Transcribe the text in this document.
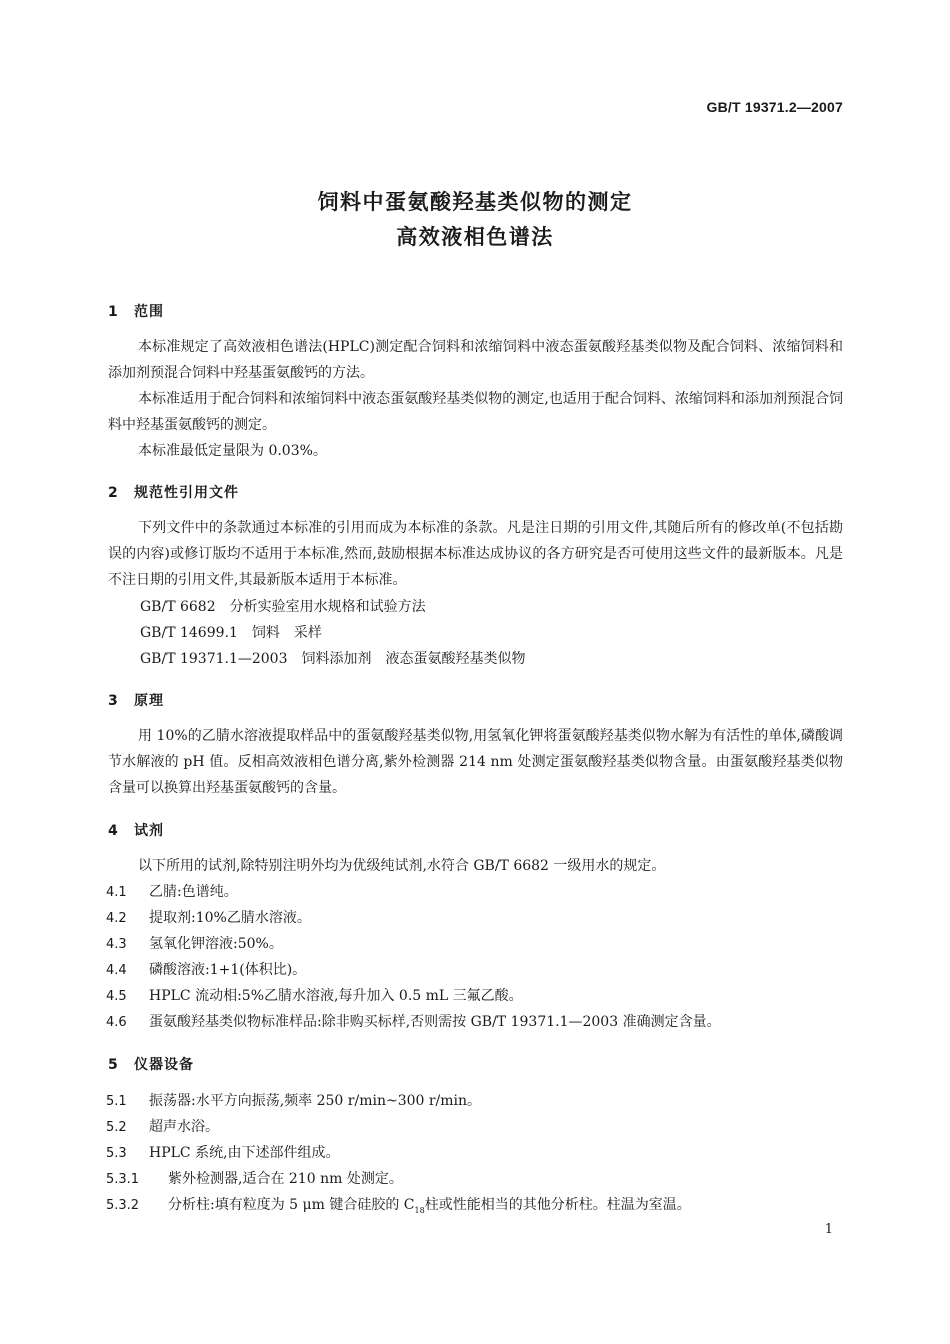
GB/T 19371.2—2007
饲料中蛋氨酸羟基类似物的测定
高效液相色谱法
1 范围
本标准规定了高效液相色谱法(HPLC)测定配合饲料和浓缩饲料中液态蛋氨酸羟基类似物及配合饲料、浓缩饲料和添加剂预混合饲料中羟基蛋氨酸钙的方法。
本标准适用于配合饲料和浓缩饲料中液态蛋氨酸羟基类似物的测定,也适用于配合饲料、浓缩饲料和添加剂预混合饲料中羟基蛋氨酸钙的测定。
本标准最低定量限为 0.03%。
2 规范性引用文件
下列文件中的条款通过本标准的引用而成为本标准的条款。凡是注日期的引用文件,其随后所有的修改单(不包括勘误的内容)或修订版均不适用于本标准,然而,鼓励根据本标准达成协议的各方研究是否可使用这些文件的最新版本。凡是不注日期的引用文件,其最新版本适用于本标准。
GB/T 6682　分析实验室用水规格和试验方法
GB/T 14699.1　饲料　采样
GB/T 19371.1—2003　饲料添加剂　液态蛋氨酸羟基类似物
3 原理
用 10%的乙腈水溶液提取样品中的蛋氨酸羟基类似物,用氢氧化钾将蛋氨酸羟基类似物水解为有活性的单体,磷酸调节水解液的 pH 值。反相高效液相色谱分离,紫外检测器 214 nm 处测定蛋氨酸羟基类似物含量。由蛋氨酸羟基类似物含量可以换算出羟基蛋氨酸钙的含量。
4 试剂
以下所用的试剂,除特别注明外均为优级纯试剂,水符合 GB/T 6682 一级用水的规定。
4.1 乙腈:色谱纯。
4.2 提取剂:10%乙腈水溶液。
4.3 氢氧化钾溶液:50%。
4.4 磷酸溶液:1+1(体积比)。
4.5 HPLC 流动相:5%乙腈水溶液,每升加入 0.5 mL 三氟乙酸。
4.6 蛋氨酸羟基类似物标准样品:除非购买标样,否则需按 GB/T 19371.1—2003 准确测定含量。
5 仪器设备
5.1 振荡器:水平方向振荡,频率 250 r/min~300 r/min。
5.2 超声水浴。
5.3 HPLC 系统,由下述部件组成。
5.3.1 紫外检测器,适合在 210 nm 处测定。
5.3.2 分析柱:填有粒度为 5 μm 键合硅胶的 $C_{18}$柱或性能相当的其他分析柱。柱温为室温。
1
